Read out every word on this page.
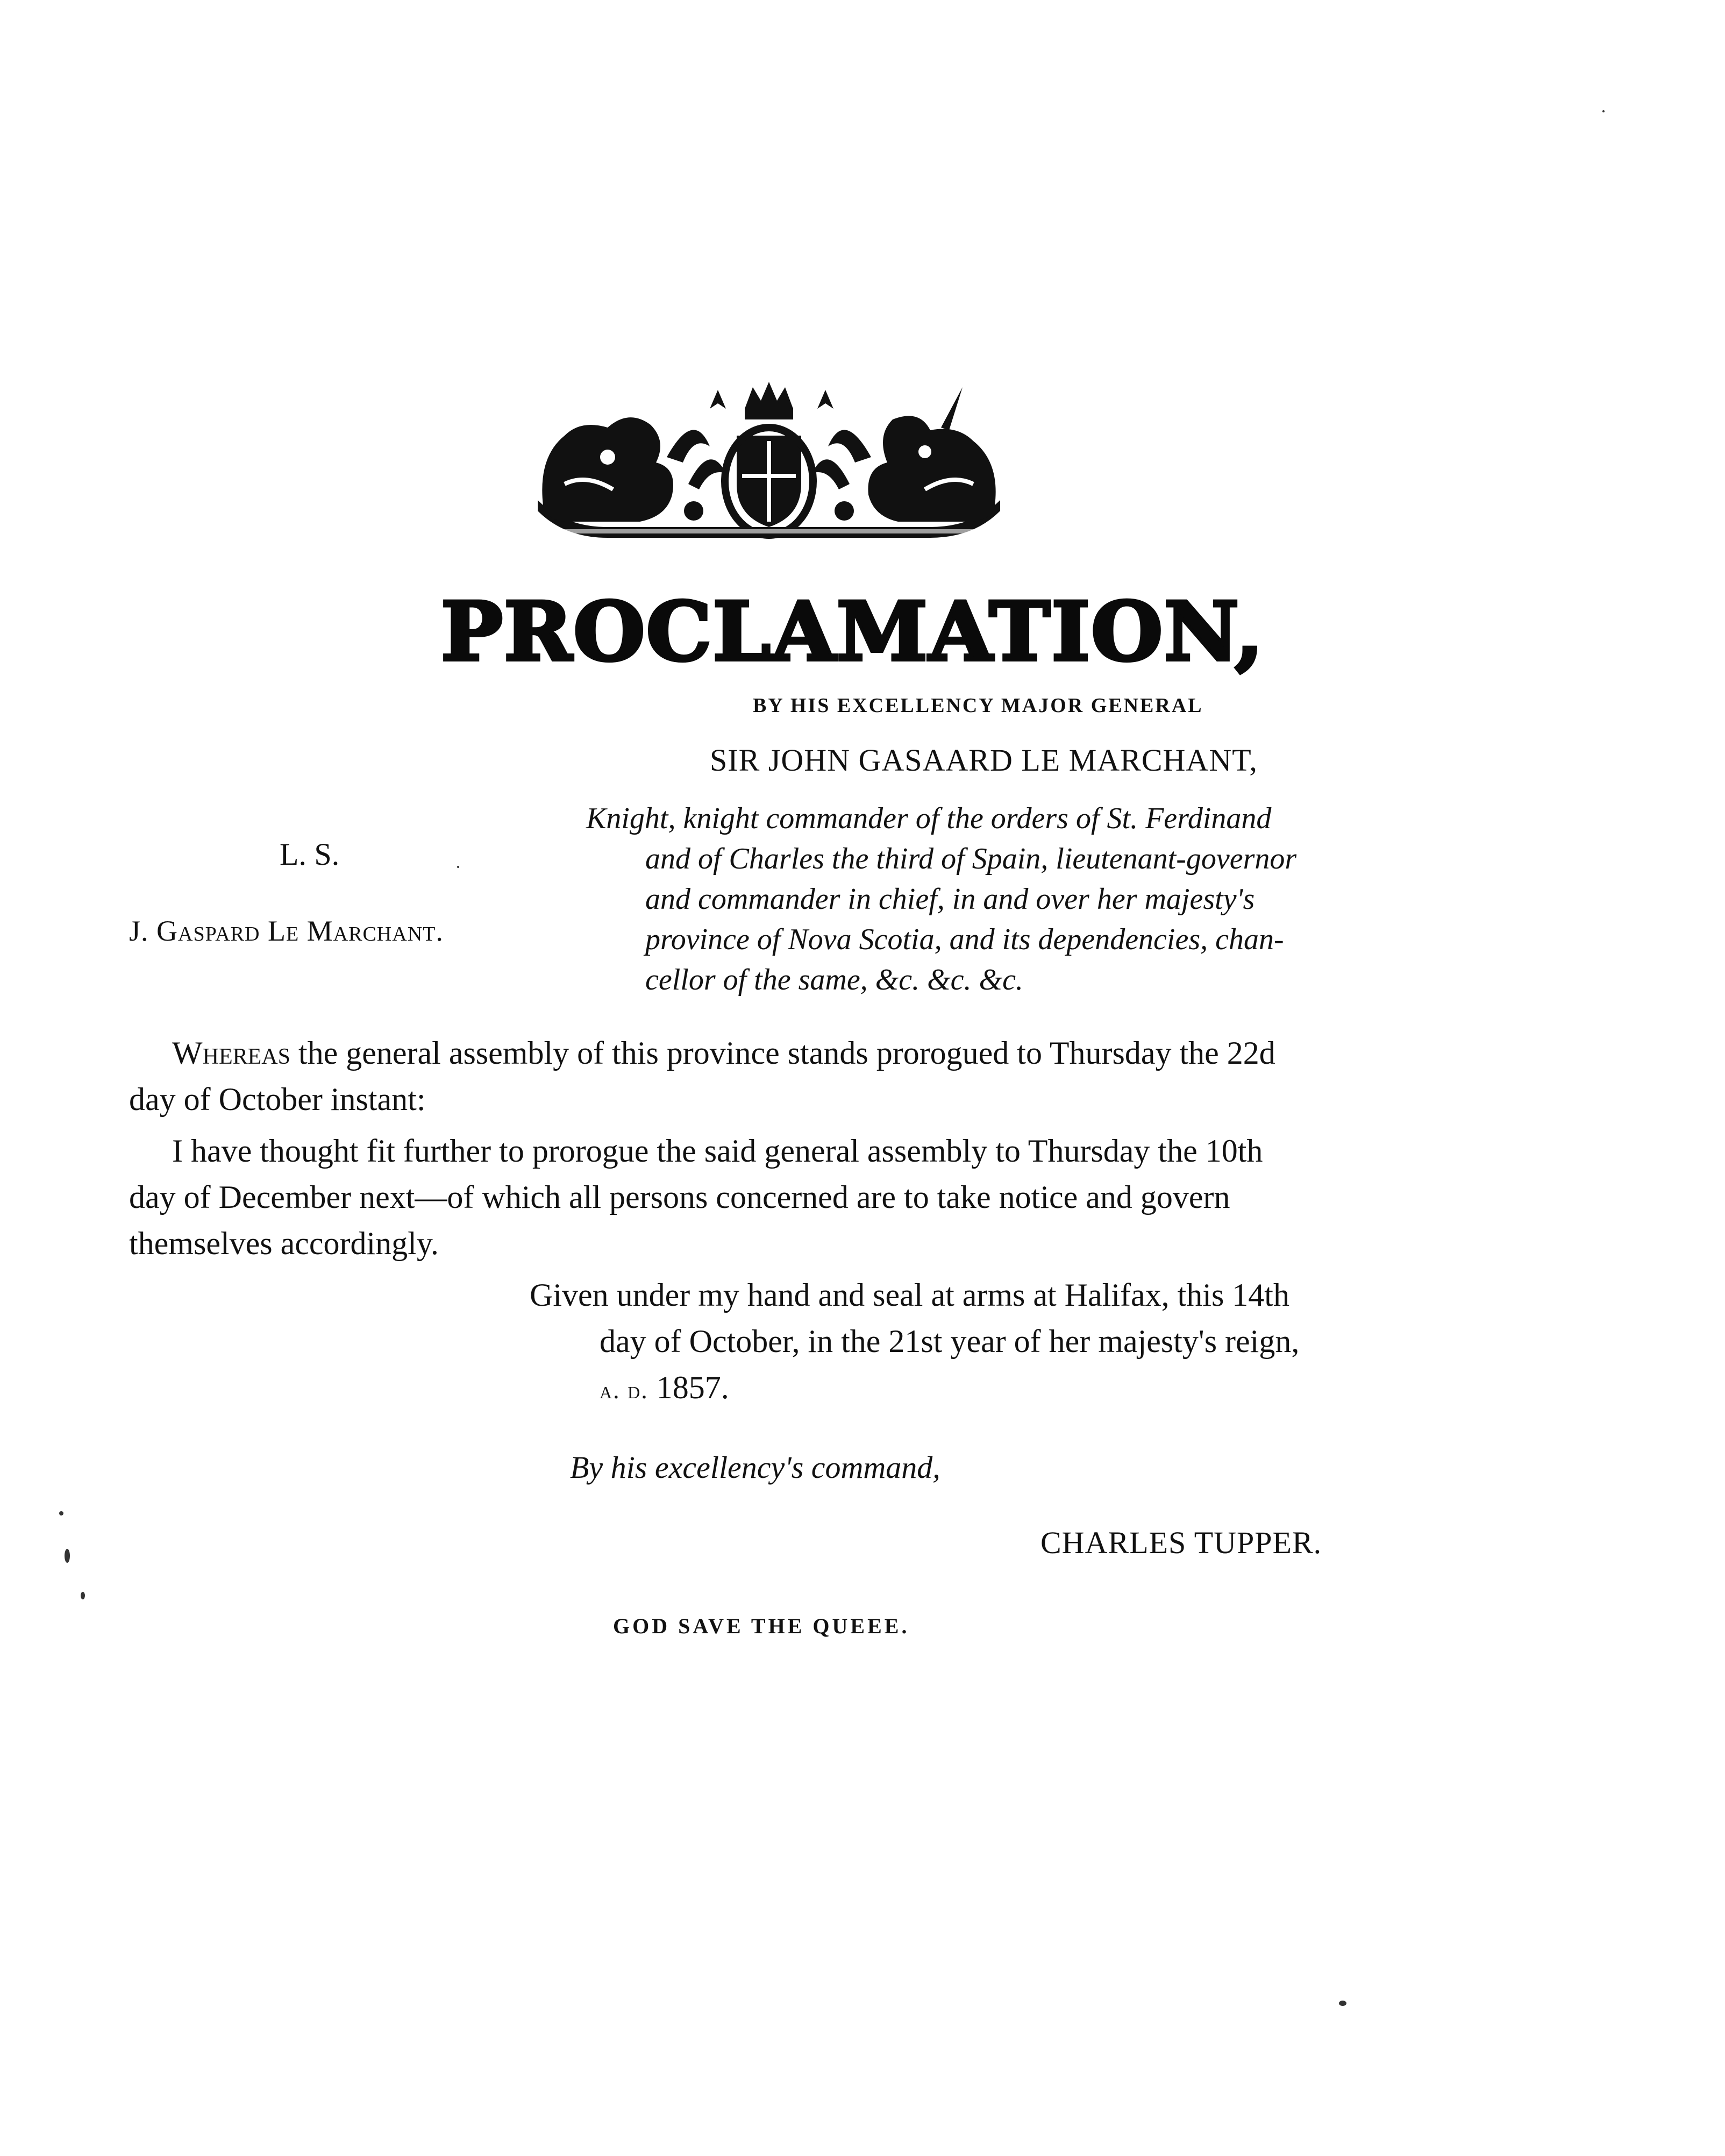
PROCLAMATION,
BY HIS EXCELLENCY MAJOR GENERAL
SIR JOHN GASAARD LE MARCHANT,
Knight, knight commander of the orders of St. Ferdinand
and of Charles the third of Spain, lieutenant-governor
and commander in chief, in and over her majesty's
province of Nova Scotia, and its dependencies, chan-
cellor of the same, &c. &c. &c.
L. S.
J. Gaspard Le Marchant.

Whereas the general assembly of this province stands prorogued to Thursday the 22d
day of October instant:

I have thought fit further to prorogue the said general assembly to Thursday the 10th
day of December next—of which all persons concerned are to take notice and govern
themselves accordingly.

Given under my hand and seal at arms at Halifax, this 14th
day of October, in the 21st year of her majesty's reign,
a. d. 1857.
By his excellency's command,
CHARLES TUPPER.
GOD SAVE THE QUEEE.
